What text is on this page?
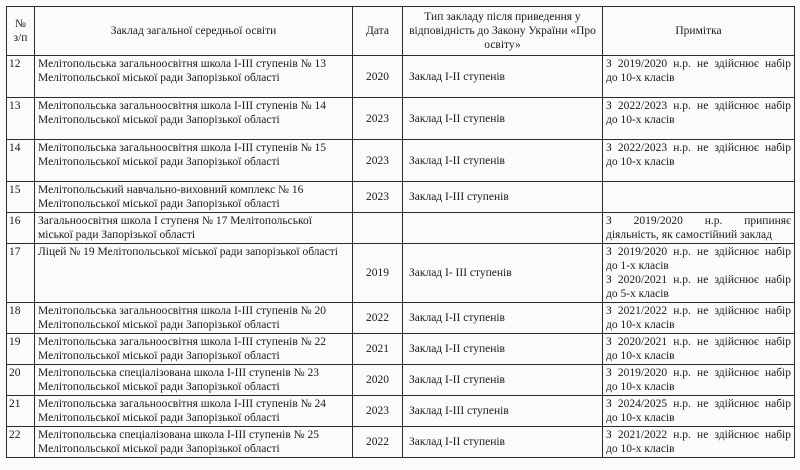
№ з/п	Заклад загальної середньої освіти	Дата	Тип закладу після приведення у відповідність до Закону України «Про освіту»	Примітка
12	Мелітопольська загальноосвітня школа І-ІІІ ступенів № 13 Мелітопольської міської ради Запорізької області	2020	Заклад І-ІІ ступенів	З 2019/2020 н.р. не здійснює набір
до 10-х класів

13	Мелітопольська загальноосвітня школа І-ІІІ ступенів № 14 Мелітопольської міської ради Запорізької області	2023	Заклад І-ІІ ступенів	З 2022/2023 н.р. не здійснює набір
до 10-х класів

14	Мелітопольська загальноосвітня школа І-ІІІ ступенів № 15 Мелітопольської міської ради Запорізької області	2023	Заклад І-ІІ ступенів	З 2022/2023 н.р. не здійснює набір
до 10-х класів

15	Мелітопольський навчально-виховний комплекс № 16 Мелітопольської міської ради Запорізької області	2023	Заклад І-ІІІ ступенів	
16	Загальноосвітня школа І ступеня № 17 Мелітопольської міської ради Запорізької області			З 2019/2020 н.р. припиняє
діяльність, як самостійний заклад

17	Ліцей № 19 Мелітопольської міської ради запорізької області	2019	Заклад І- ІІІ ступенів	З 2019/2020 н.р. не здійснює набір
до 1-х класів
З 2020/2021 н.р. не здійснює набір
до 5-х класів

18	Мелітопольська загальноосвітня школа І-ІІІ ступенів № 20 Мелітопольської міської ради Запорізької області	2022	Заклад І-ІІ ступенів	З 2021/2022 н.р. не здійснює набір
до 10-х класів

19	Мелітопольська загальноосвітня школа І-ІІІ ступенів № 22 Мелітопольської міської ради Запорізької області	2021	Заклад І-ІІ ступенів	З 2020/2021 н.р. не здійснює набір
до 10-х класів

20	Мелітопольська спеціалізована школа І-ІІІ ступенів № 23 Мелітопольської міської ради Запорізької області	2020	Заклад І-ІІ ступенів	З 2019/2020 н.р. не здійснює набір
до 10-х класів

21	Мелітопольська загальноосвітня школа І-ІІІ ступенів № 24 Мелітопольської міської ради Запорізької області	2023	Заклад І-ІІІ ступенів	З 2024/2025 н.р. не здійснює набір
до 10-х класів

22	Мелітопольська спеціалізована школа І-ІІІ ступенів № 25 Мелітопольської міської ради Запорізької області	2022	Заклад І-ІІ ступенів	З 2021/2022 н.р. не здійснює набір
до 10-х класів
